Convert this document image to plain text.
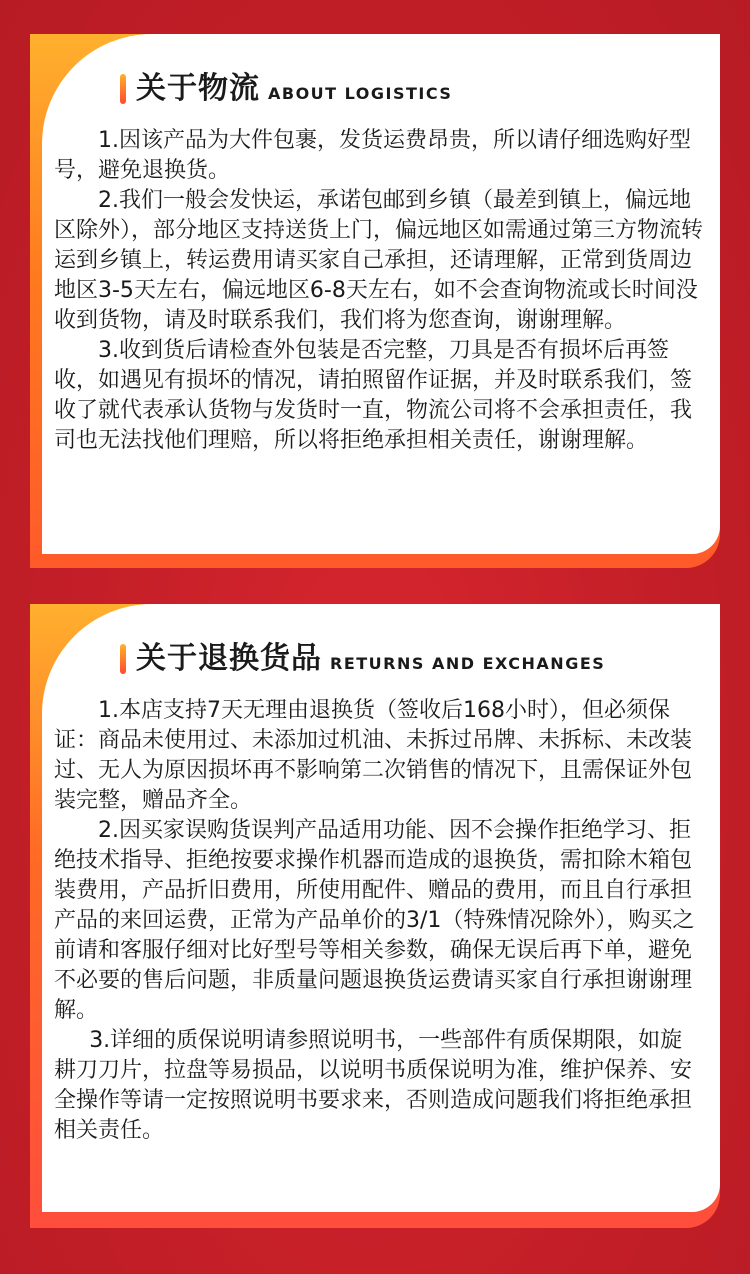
关于物流 ABOUT LOGISTICS

1.因该产品为大件包裹，发货运费昂贵，所以请仔细选购好型号，避免退换货。

2.我们一般会发快运，承诺包邮到乡镇（最差到镇上，偏远地区除外），部分地区支持送货上门，偏远地区如需通过第三方物流转运到乡镇上，转运费用请买家自己承担，还请理解，正常到货周边地区3-5天左右，偏远地区6-8天左右，如不会查询物流或长时间没收到货物，请及时联系我们，我们将为您查询，谢谢理解。

3.收到货后请检查外包装是否完整，刀具是否有损坏后再签收，如遇见有损坏的情况，请拍照留作证据，并及时联系我们，签收了就代表承认货物与发货时一直，物流公司将不会承担责任，我司也无法找他们理赔，所以将拒绝承担相关责任，谢谢理解。

关于退换货品 RETURNS AND EXCHANGES

1.本店支持7天无理由退换货（签收后168小时），但必须保证：商品未使用过、未添加过机油、未拆过吊牌、未拆标、未改装过、无人为原因损坏再不影响第二次销售的情况下，且需保证外包装完整，赠品齐全。

2.因买家误购货误判产品适用功能、因不会操作拒绝学习、拒绝技术指导、拒绝按要求操作机器而造成的退换货，需扣除木箱包装费用，产品折旧费用，所使用配件、赠品的费用，而且自行承担产品的来回运费，正常为产品单价的3/1（特殊情况除外），购买之前请和客服仔细对比好型号等相关参数，确保无误后再下单，避免不必要的售后问题，非质量问题退换货运费请买家自行承担谢谢理解。

3.详细的质保说明请参照说明书，一些部件有质保期限，如旋耕刀刀片，拉盘等易损品，以说明书质保说明为准，维护保养、安全操作等请一定按照说明书要求来，否则造成问题我们将拒绝承担相关责任。
